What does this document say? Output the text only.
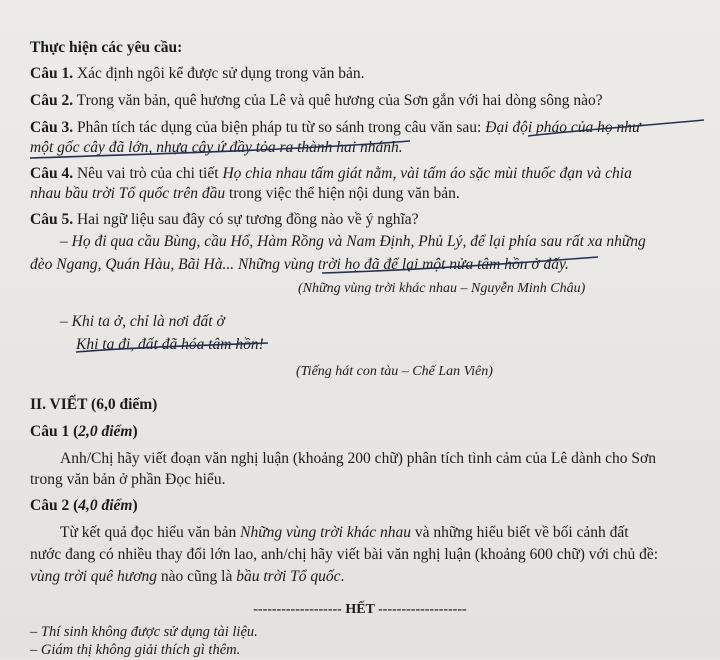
Thực hiện các yêu cầu:
Câu 1. Xác định ngôi kể được sử dụng trong văn bản.
Câu 2. Trong văn bản, quê hương của Lê và quê hương của Sơn gắn với hai dòng sông nào?
Câu 3. Phân tích tác dụng của biện pháp tu từ so sánh trong câu văn sau: Đại đội pháo của họ như
một gốc cây đã lớn, nhựa cây ứ đầy tỏa ra thành hai nhánh.
Câu 4. Nêu vai trò của chi tiết Họ chia nhau tấm giát nằm, vài tấm áo sặc mùi thuốc đạn và chia
nhau bầu trời Tổ quốc trên đầu trong việc thể hiện nội dung văn bản.
Câu 5. Hai ngữ liệu sau đây có sự tương đồng nào về ý nghĩa?
– Họ đi qua cầu Bùng, cầu Hổ, Hàm Rồng và Nam Định, Phủ Lý, để lại phía sau rất xa những
đèo Ngang, Quán Hàu, Bãi Hà... Những vùng trời họ đã để lại một nửa tâm hồn ở đấy.
(Những vùng trời khác nhau – Nguyễn Minh Châu)
– Khi ta ở, chỉ là nơi đất ở
Khi ta đi, đất đã hóa tâm hồn!
(Tiếng hát con tàu – Chế Lan Viên)
II. VIẾT (6,0 điểm)
Câu 1 (2,0 điểm)
Anh/Chị hãy viết đoạn văn nghị luận (khoảng 200 chữ) phân tích tình cảm của Lê dành cho Sơn
trong văn bản ở phần Đọc hiểu.
Câu 2 (4,0 điểm)
Từ kết quả đọc hiểu văn bản Những vùng trời khác nhau và những hiểu biết về bối cảnh đất
nước đang có nhiều thay đổi lớn lao, anh/chị hãy viết bài văn nghị luận (khoảng 600 chữ) với chủ đề:
vùng trời quê hương nào cũng là bầu trời Tổ quốc.
------------------- HẾT -------------------
– Thí sinh không được sử dụng tài liệu.
– Giám thị không giải thích gì thêm.
